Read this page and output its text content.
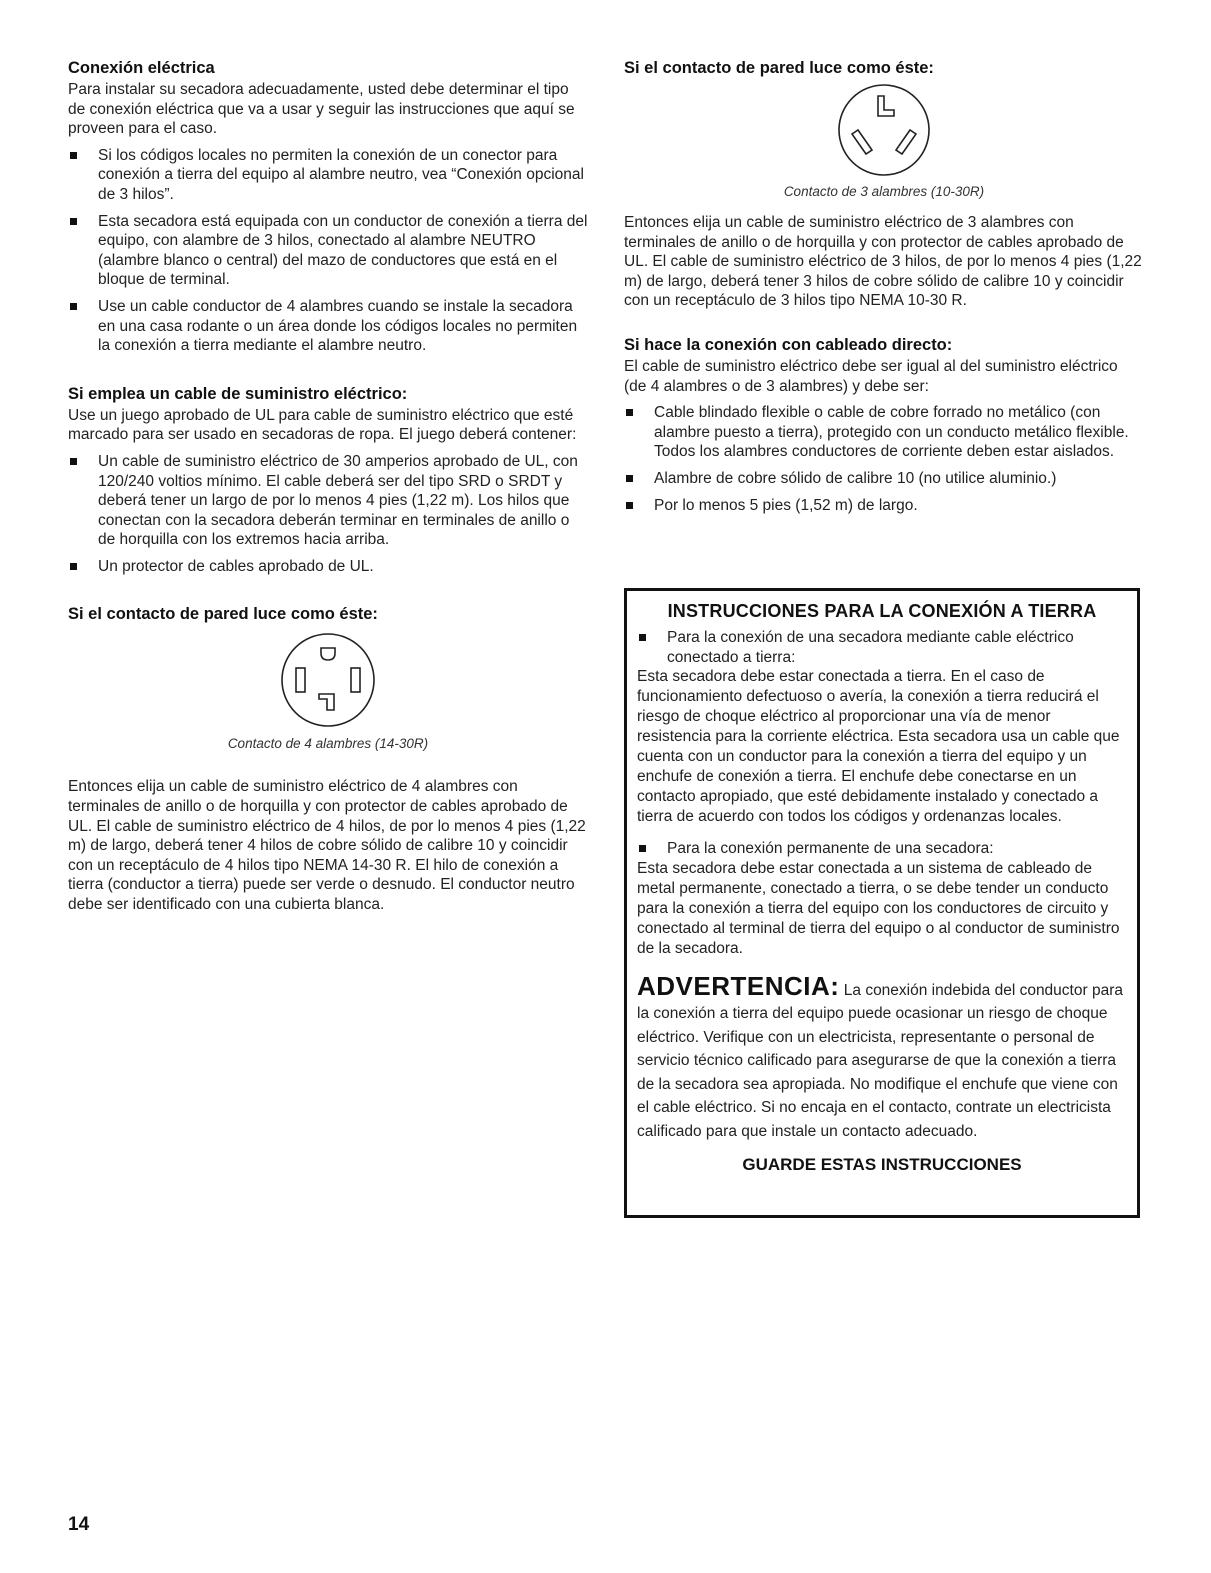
Conexión eléctrica

Para instalar su secadora adecuadamente, usted debe determinar el tipo de conexión eléctrica que va a usar y seguir las instrucciones que aquí se proveen para el caso.

Si los códigos locales no permiten la conexión de un conector para conexión a tierra del equipo al alambre neutro, vea “Conexión opcional de 3 hilos”.
Esta secadora está equipada con un conductor de conexión a tierra del equipo, con alambre de 3 hilos, conectado al alambre NEUTRO (alambre blanco o central) del mazo de conductores que está en el bloque de terminal.
Use un cable conductor de 4 alambres cuando se instale la secadora en una casa rodante o un área donde los códigos locales no permiten la conexión a tierra mediante el alambre neutro.
Si emplea un cable de suministro eléctrico:

Use un juego aprobado de UL para cable de suministro eléctrico que esté marcado para ser usado en secadoras de ropa. El juego deberá contener:

Un cable de suministro eléctrico de 30 amperios aprobado de UL, con 120/240 voltios mínimo. El cable deberá ser del tipo SRD o SRDT y deberá tener un largo de por lo menos 4 pies (1,22 m). Los hilos que conectan con la secadora deberán terminar en terminales de anillo o de horquilla con los extremos hacia arriba.
Un protector de cables aprobado de UL.
Si el contacto de pared luce como éste:
Contacto de 4 alambres (14-30R)

Entonces elija un cable de suministro eléctrico de 4 alambres con terminales de anillo o de horquilla y con protector de cables aprobado de UL. El cable de suministro eléctrico de 4 hilos, de por lo menos 4 pies (1,22 m) de largo, deberá tener 4 hilos de cobre sólido de calibre 10 y coincidir con un receptáculo de 4 hilos tipo NEMA 14-30 R. El hilo de conexión a tierra (conductor a tierra) puede ser verde o desnudo. El conductor neutro debe ser identificado con una cubierta blanca.

Si el contacto de pared luce como éste:
Contacto de 3 alambres (10-30R)

Entonces elija un cable de suministro eléctrico de 3 alambres con terminales de anillo o de horquilla y con protector de cables aprobado de UL. El cable de suministro eléctrico de 3 hilos, de por lo menos 4 pies (1,22 m) de largo, deberá tener 3 hilos de cobre sólido de calibre 10 y coincidir con un receptáculo de 3 hilos tipo NEMA 10-30 R.

Si hace la conexión con cableado directo:

El cable de suministro eléctrico debe ser igual al del suministro eléctrico (de 4 alambres o de 3 alambres) y debe ser:

Cable blindado flexible o cable de cobre forrado no metálico (con alambre puesto a tierra), protegido con un conducto metálico flexible. Todos los alambres conductores de corriente deben estar aislados.
Alambre de cobre sólido de calibre 10 (no utilice aluminio.)
Por lo menos 5 pies (1,52 m) de largo.
INSTRUCCIONES PARA LA CONEXIÓN A TIERRA
Para la conexión de una secadora mediante cable eléctrico conectado a tierra:

Esta secadora debe estar conectada a tierra. En el caso de funcionamiento defectuoso o avería, la conexión a tierra reducirá el riesgo de choque eléctrico al proporcionar una vía de menor resistencia para la corriente eléctrica. Esta secadora usa un cable que cuenta con un conductor para la conexión a tierra del equipo y un enchufe de conexión a tierra. El enchufe debe conectarse en un contacto apropiado, que esté debidamente instalado y conectado a tierra de acuerdo con todos los códigos y ordenanzas locales.

Para la conexión permanente de una secadora:

Esta secadora debe estar conectada a un sistema de cableado de metal permanente, conectado a tierra, o se debe tender un conducto para la conexión a tierra del equipo con los conductores de circuito y conectado al terminal de tierra del equipo o al conductor de suministro de la secadora.

ADVERTENCIA: La conexión indebida del conductor para la conexión a tierra del equipo puede ocasionar un riesgo de choque eléctrico. Verifique con un electricista, representante o personal de servicio técnico calificado para asegurarse de que la conexión a tierra de la secadora sea apropiada. No modifique el enchufe que viene con el cable eléctrico. Si no encaja en el contacto, contrate un electricista calificado para que instale un contacto adecuado.
GUARDE ESTAS INSTRUCCIONES
14
